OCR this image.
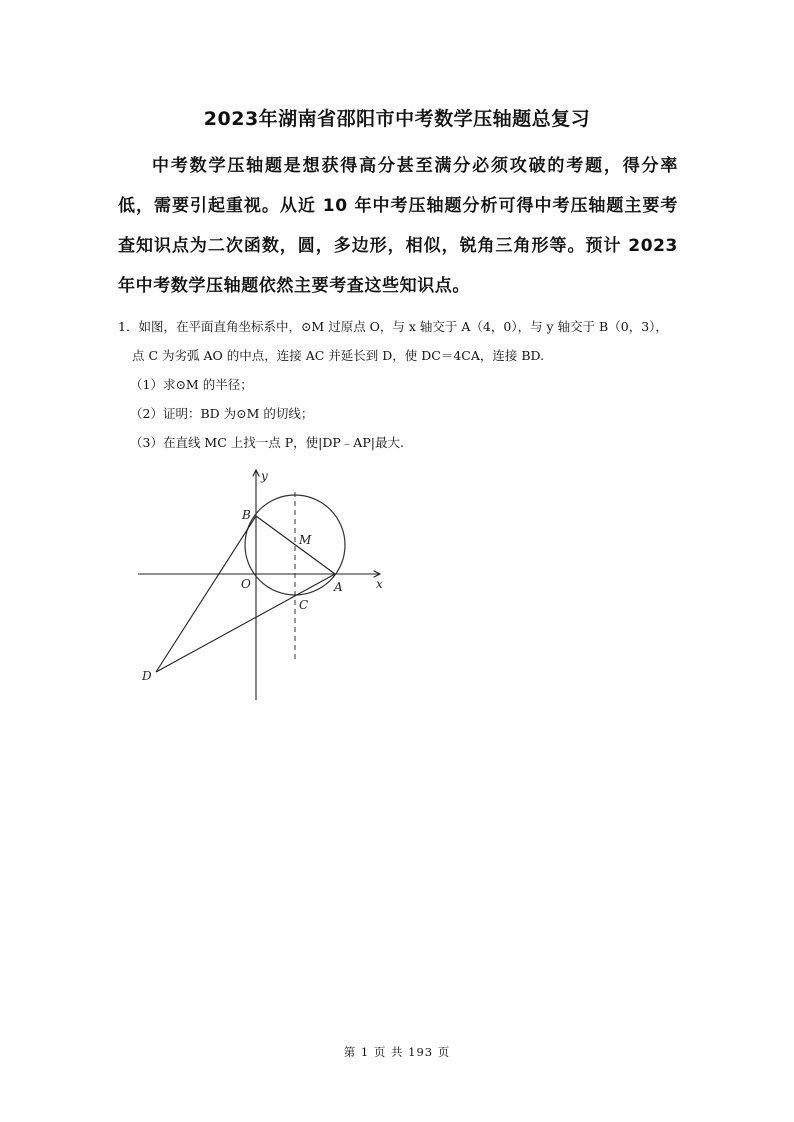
2023年湖南省邵阳市中考数学压轴题总复习
中考数学压轴题是想获得高分甚至满分必须攻破的考题，得分率低，需要引起重视。从近 10 年中考压轴题分析可得中考压轴题主要考查知识点为二次函数，圆，多边形，相似，锐角三角形等。预计 2023 年中考数学压轴题依然主要考查这些知识点。
1．如图，在平面直角坐标系中，⊙M 过原点 O，与 x 轴交于 A（4，0），与 y 轴交于 B（0，3），点 C 为劣弧 AO 的中点，连接 AC 并延长到 D，使 DC＝4CA，连接 BD.
（1）求⊙M 的半径；
（2）证明：BD 为⊙M 的切线；
（3）在直线 MC 上找一点 P，使|DP﹣AP|最大.
y
x
O	A
B
M
C
D
第 1 页 共 193 页
